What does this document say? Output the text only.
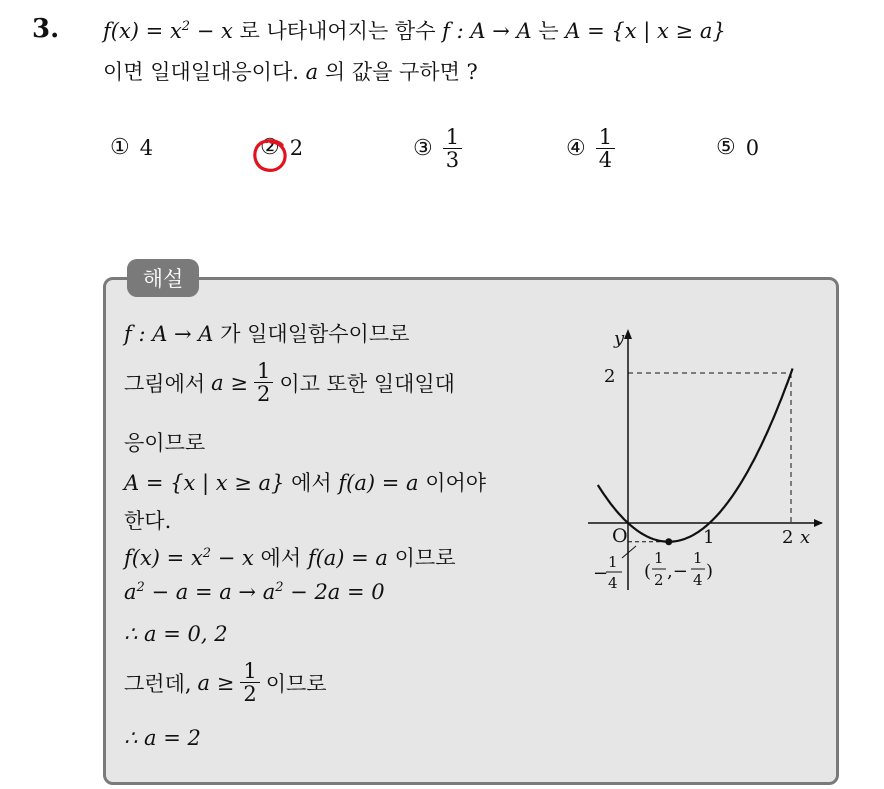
3. $f(x) = x^2 - x$ 로 나타내어지는 함수 f : A → A 는 A = {x | x ≥ a}
이면 일대일대응이다. a 의 값을 구하면 ?
① 4	② 2	③ $\frac{1}{3}$	④ $\frac{1}{4}$	⑤ 0
해설
f : A → A 가 일대일함수이므로
그림에서 $a \ge \frac{1}{2}$ 이고 또한 일대일대
응이므로
A = {x | x ≥ a} 에서 f(a) = a 이어야
한다.
$f(x) = x^2 - x$ 에서 f(a) = a 이므로
$a^2 - a = a \to a^2 - 2a = 0$
∴ a = 0, 2
그런데, $a \ge \frac{1}{2}$ 이므로
∴ a = 2
y
x
O
2
1	2
−
1
4
(
1
2 ,−
1
4 )
